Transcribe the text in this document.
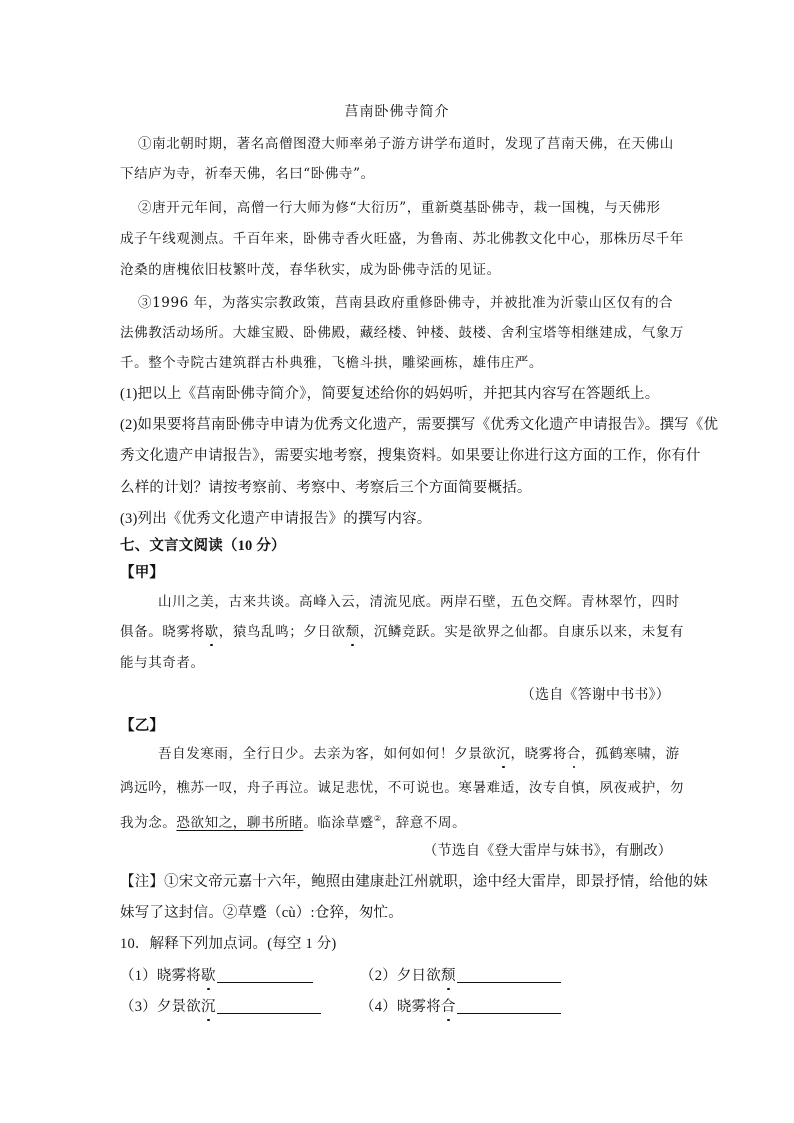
莒南卧佛寺简介
①南北朝时期，著名高僧图澄大师率弟子游方讲学布道时，发现了莒南天佛，在天佛山
下结庐为寺，祈奉天佛，名曰“卧佛寺”。
②唐开元年间，高僧一行大师为修“大衍历”，重新奠基卧佛寺，栽一国槐，与天佛形
成子午线观测点。千百年来，卧佛寺香火旺盛，为鲁南、苏北佛教文化中心，那株历尽千年
沧桑的唐槐依旧枝繁叶茂，春华秋实，成为卧佛寺活的见证。
③1996 年，为落实宗教政策，莒南县政府重修卧佛寺，并被批准为沂蒙山区仅有的合
法佛教活动场所。大雄宝殿、卧佛殿，藏经楼、钟楼、鼓楼、舍利宝塔等相继建成，气象万
千。整个寺院古建筑群古朴典雅，飞檐斗拱，雕梁画栋，雄伟庄严。
(1)把以上《莒南卧佛寺简介》，简要复述给你的妈妈听，并把其内容写在答题纸上。
(2)如果要将莒南卧佛寺申请为优秀文化遗产，需要撰写《优秀文化遗产申请报告》。撰写《优
秀文化遗产申请报告》，需要实地考察，搜集资料。如果要让你进行这方面的工作，你有什
么样的计划？请按考察前、考察中、考察后三个方面简要概括。
(3)列出《优秀文化遗产申请报告》的撰写内容。
七、文言文阅读（10 分）
【甲】
山川之美，古来共谈。高峰入云，清流见底。两岸石壁，五色交辉。青林翠竹，四时
俱备。晓雾将歇，猿鸟乱鸣；夕日欲颓，沉鳞竞跃。实是欲界之仙都。自康乐以来，未复有
能与其奇者。
（选自《答谢中书书》）
【乙】
吾自发寒雨，全行日少。去亲为客，如何如何！夕景欲沉，晓雾将合，孤鹤寒啸，游
鸿远吟，樵苏一叹，舟子再泣。诚足悲忧，不可说也。寒暑难适，汝专自慎，夙夜戒护，勿
我为念。恐欲知之，聊书所睹。临涂草蹙②，辞意不周。
（节选自《登大雷岸与妹书》，有删改）
【注】①宋文帝元嘉十六年，鲍照由建康赴江州就职，途中经大雷岸，即景抒情，给他的妹
妹写了这封信。②草蹙（cù）:仓猝，匆忙。
10．解释下列加点词。(每空 1 分)
（1）晓雾将歇	（2）夕日欲颓
（3）夕景欲沉	（4）晓雾将合
